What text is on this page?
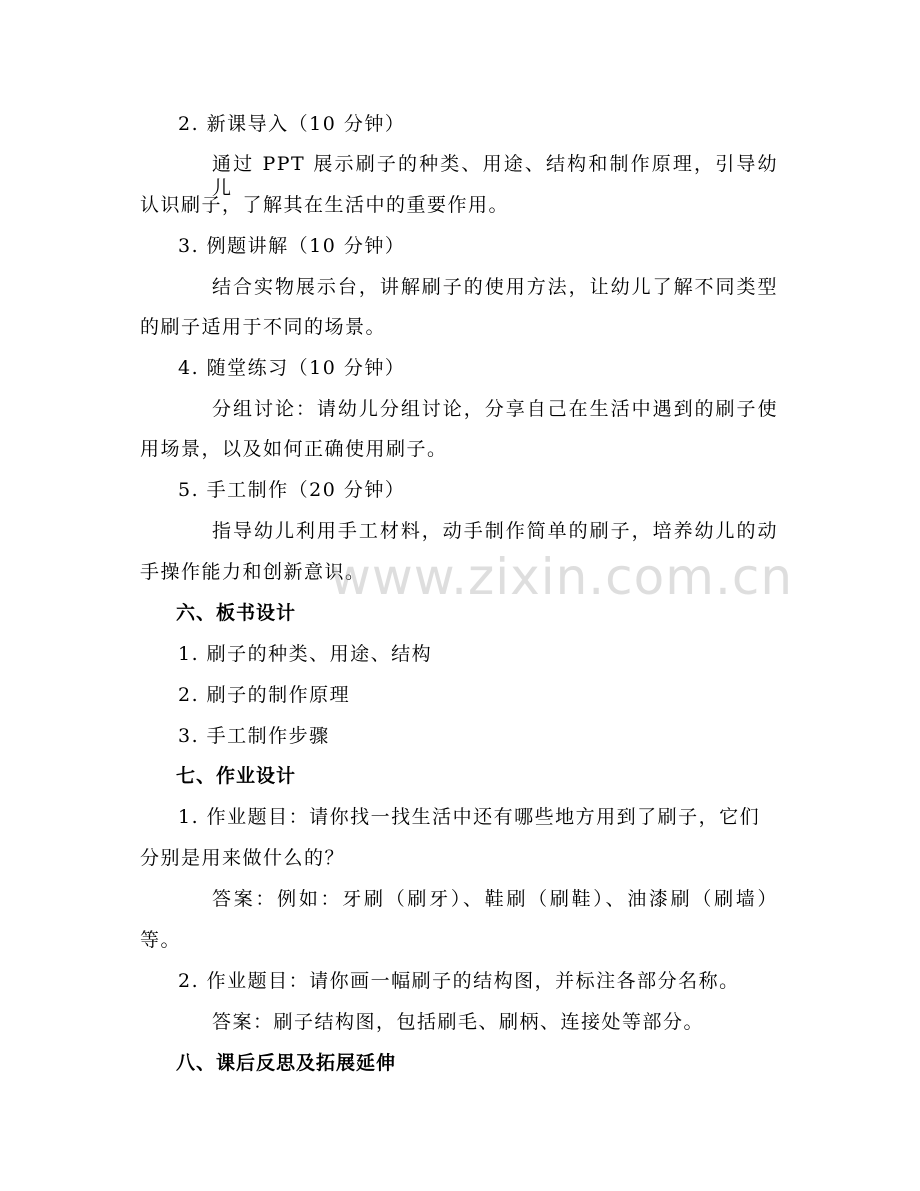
2. 新课导入（10 分钟）
通过 PPT 展示刷子的种类、用途、结构和制作原理，引导幼儿
认识刷子，了解其在生活中的重要作用。
3. 例题讲解（10 分钟）
结合实物展示台，讲解刷子的使用方法，让幼儿了解不同类型
的刷子适用于不同的场景。
4. 随堂练习（10 分钟）
分组讨论：请幼儿分组讨论，分享自己在生活中遇到的刷子使
用场景，以及如何正确使用刷子。
5. 手工制作（20 分钟）
指导幼儿利用手工材料，动手制作简单的刷子，培养幼儿的动
手操作能力和创新意识。
六、板书设计
1. 刷子的种类、用途、结构
2. 刷子的制作原理
3. 手工制作步骤
七、作业设计
1. 作业题目：请你找一找生活中还有哪些地方用到了刷子，它们
分别是用来做什么的？
答案：例如：牙刷（刷牙）、鞋刷（刷鞋）、油漆刷（刷墙）
等。
2. 作业题目：请你画一幅刷子的结构图，并标注各部分名称。
答案：刷子结构图，包括刷毛、刷柄、连接处等部分。
八、课后反思及拓展延伸
www.zixin.com.cn
